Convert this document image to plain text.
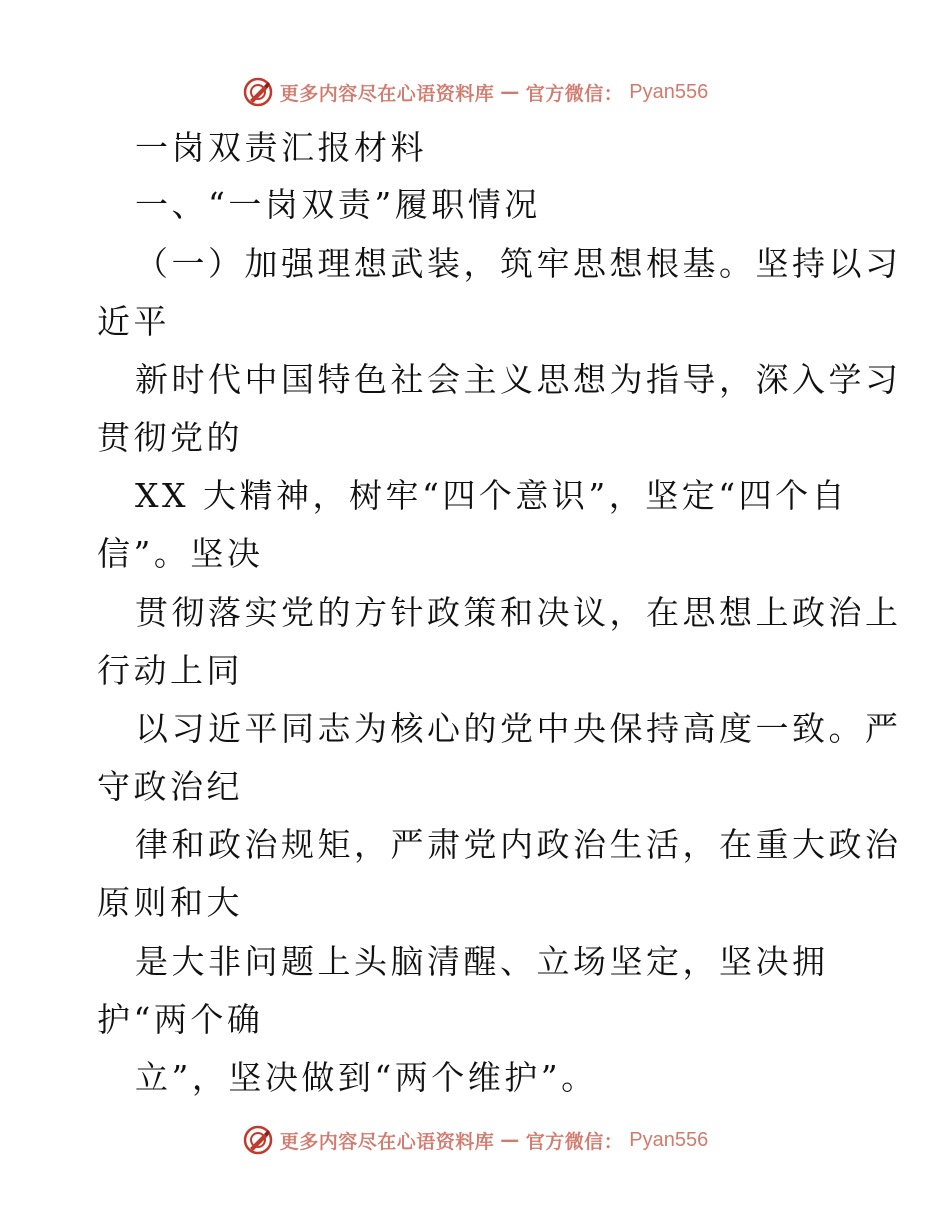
更多内容尽在心语资料库 — 官方微信： Pyan556
一岗双责汇报材料
一、“一岗双责”履职情况
（一）加强理想武装，筑牢思想根基。坚持以习
近平
新时代中国特色社会主义思想为指导，深入学习
贯彻党的
XX 大精神，树牢“四个意识”，坚定“四个自
信”。坚决
贯彻落实党的方针政策和决议，在思想上政治上
行动上同
以习近平同志为核心的党中央保持高度一致。严
守政治纪
律和政治规矩，严肃党内政治生活，在重大政治
原则和大
是大非问题上头脑清醒、立场坚定，坚决拥
护“两个确
立”，坚决做到“两个维护”。
更多内容尽在心语资料库 — 官方微信： Pyan556
